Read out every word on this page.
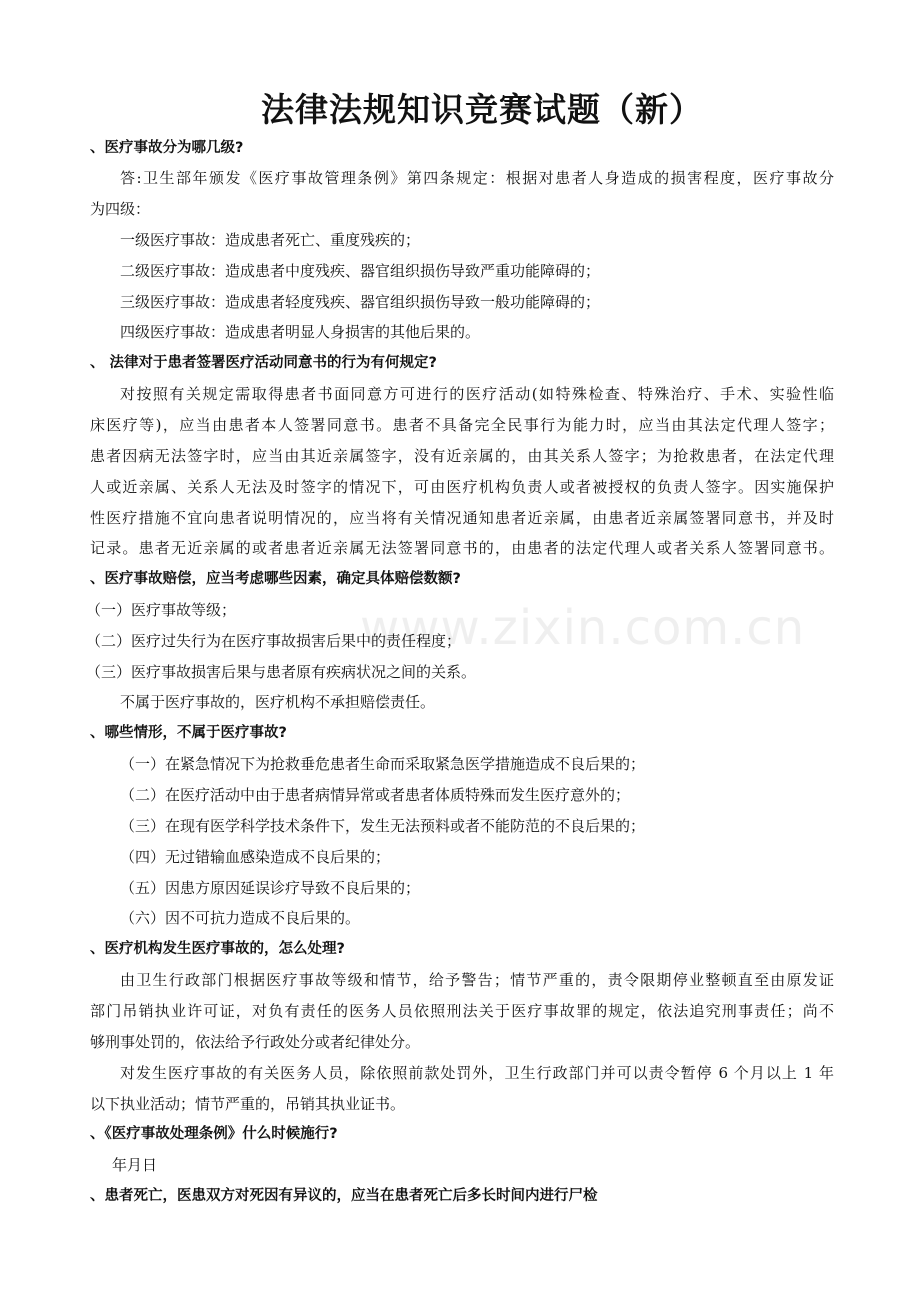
www.zixin.com.cn
法律法规知识竞赛试题（新）
、医疗事故分为哪几级?
答:卫生部年颁发《医疗事故管理条例》第四条规定：根据对患者人身造成的损害程度，医疗事故分
为四级：
一级医疗事故：造成患者死亡、重度残疾的；
二级医疗事故：造成患者中度残疾、器官组织损伤导致严重功能障碍的；
三级医疗事故：造成患者轻度残疾、器官组织损伤导致一般功能障碍的；
四级医疗事故：造成患者明显人身损害的其他后果的。
、 法律对于患者签署医疗活动同意书的行为有何规定?
对按照有关规定需取得患者书面同意方可进行的医疗活动(如特殊检查、特殊治疗、手术、实验性临
床医疗等)，应当由患者本人签署同意书。患者不具备完全民事行为能力时，应当由其法定代理人签字；
患者因病无法签字时，应当由其近亲属签字，没有近亲属的，由其关系人签字；为抢救患者，在法定代理
人或近亲属、关系人无法及时签字的情况下，可由医疗机构负责人或者被授权的负责人签字。因实施保护
性医疗措施不宜向患者说明情况的，应当将有关情况通知患者近亲属，由患者近亲属签署同意书，并及时
记录。患者无近亲属的或者患者近亲属无法签署同意书的，由患者的法定代理人或者关系人签署同意书。
、医疗事故赔偿，应当考虑哪些因素，确定具体赔偿数额?
（一）医疗事故等级；
（二）医疗过失行为在医疗事故损害后果中的责任程度；
（三）医疗事故损害后果与患者原有疾病状况之间的关系。
不属于医疗事故的，医疗机构不承担赔偿责任。
、哪些情形，不属于医疗事故?
（一）在紧急情况下为抢救垂危患者生命而采取紧急医学措施造成不良后果的；
（二）在医疗活动中由于患者病情异常或者患者体质特殊而发生医疗意外的；
（三）在现有医学科学技术条件下，发生无法预料或者不能防范的不良后果的；
（四）无过错输血感染造成不良后果的；
（五）因患方原因延误诊疗导致不良后果的；
（六）因不可抗力造成不良后果的。
、医疗机构发生医疗事故的，怎么处理?
由卫生行政部门根据医疗事故等级和情节，给予警告；情节严重的，责令限期停业整顿直至由原发证
部门吊销执业许可证，对负有责任的医务人员依照刑法关于医疗事故罪的规定，依法追究刑事责任；尚不
够刑事处罚的，依法给予行政处分或者纪律处分。
对发生医疗事故的有关医务人员，除依照前款处罚外，卫生行政部门并可以责令暂停 6 个月以上 1 年
以下执业活动；情节严重的，吊销其执业证书。
、《医疗事故处理条例》什么时候施行?
年月日
、患者死亡，医患双方对死因有异议的，应当在患者死亡后多长时间内进行尸检
